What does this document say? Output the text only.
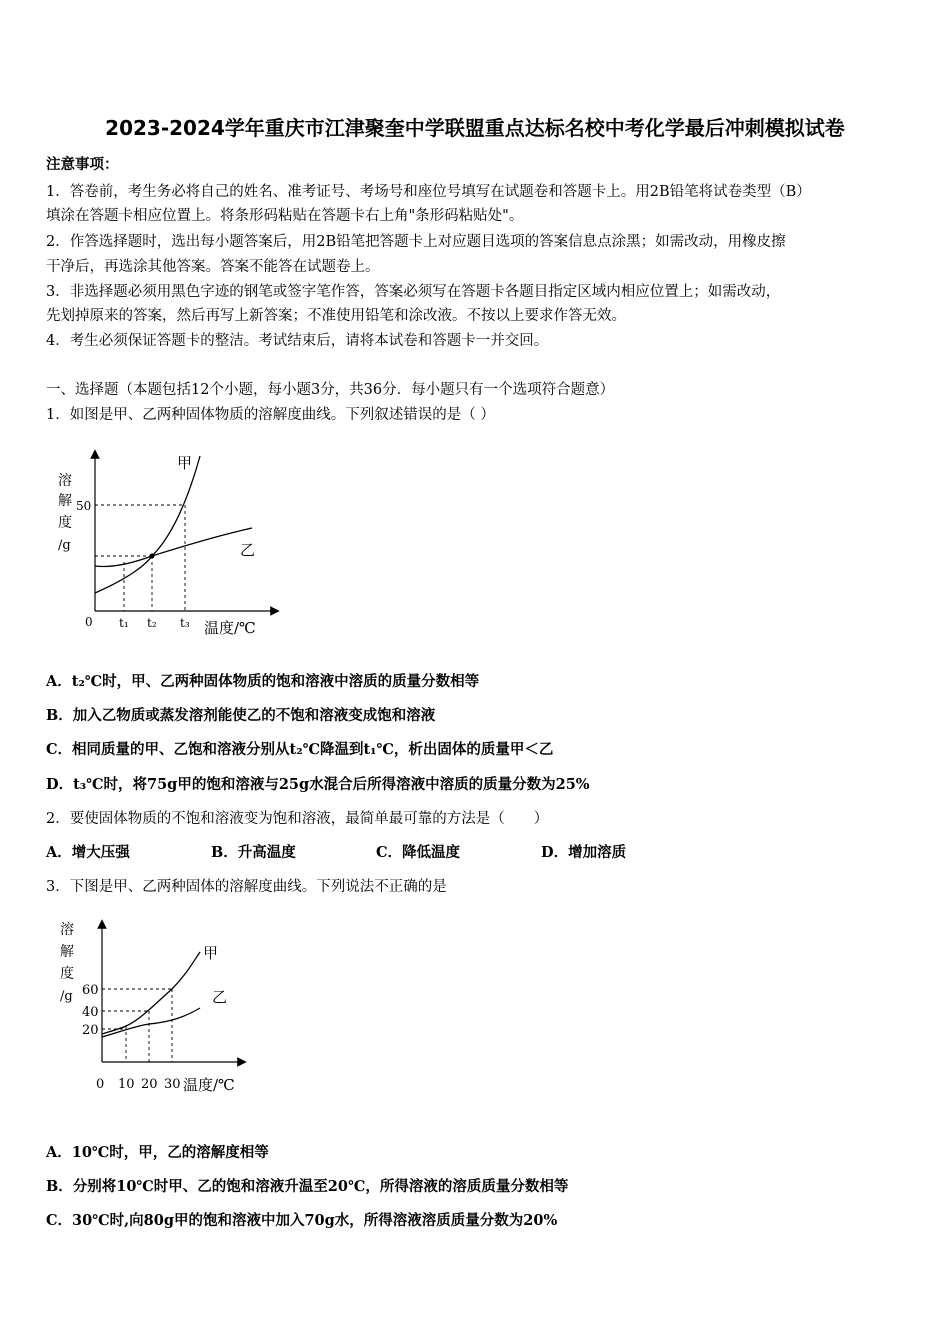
2023-2024学年重庆市江津聚奎中学联盟重点达标名校中考化学最后冲刺模拟试卷
注意事项：
1．答卷前，考生务必将自己的姓名、准考证号、考场号和座位号填写在试题卷和答题卡上。用2B铅笔将试卷类型（B）
填涂在答题卡相应位置上。将条形码粘贴在答题卡右上角"条形码粘贴处"。
2．作答选择题时，选出每小题答案后，用2B铅笔把答题卡上对应题目选项的答案信息点涂黑；如需改动，用橡皮擦
干净后，再选涂其他答案。答案不能答在试题卷上。
3．非选择题必须用黑色字迹的钢笔或签字笔作答，答案必须写在答题卡各题目指定区域内相应位置上；如需改动，
先划掉原来的答案，然后再写上新答案；不准使用铅笔和涂改液。不按以上要求作答无效。
4．考生必须保证答题卡的整洁。考试结束后，请将本试卷和答题卡一并交回。
一、选择题（本题包括12个小题，每小题3分，共36分．每小题只有一个选项符合题意）
1．如图是甲、乙两种固体物质的溶解度曲线。下列叙述错误的是（ ）
溶
解
度
/g
50
甲
乙
0 t₁ t₂ t₃ 温度/℃
A．t₂℃时，甲、乙两种固体物质的饱和溶液中溶质的质量分数相等
B．加入乙物质或蒸发溶剂能使乙的不饱和溶液变成饱和溶液
C．相同质量的甲、乙饱和溶液分别从t₂℃降温到t₁℃，析出固体的质量甲＜乙
D．t₃℃时，将75g甲的饱和溶液与25g水混合后所得溶液中溶质的质量分数为25%
2．要使固体物质的不饱和溶液变为饱和溶液，最简单最可靠的方法是（　　）
A．增大压强	B．升高温度	C．降低温度	D．增加溶质
3．下图是甲、乙两种固体的溶解度曲线。下列说法不正确的是
溶
解
度
/g 60
40
20
甲
乙
0 10 20 30 温度/℃
A．10℃时，甲，乙的溶解度相等
B．分别将10℃时甲、乙的饱和溶液升温至20℃，所得溶液的溶质质量分数相等
C．30℃时,向80g甲的饱和溶液中加入70g水，所得溶液溶质质量分数为20%
